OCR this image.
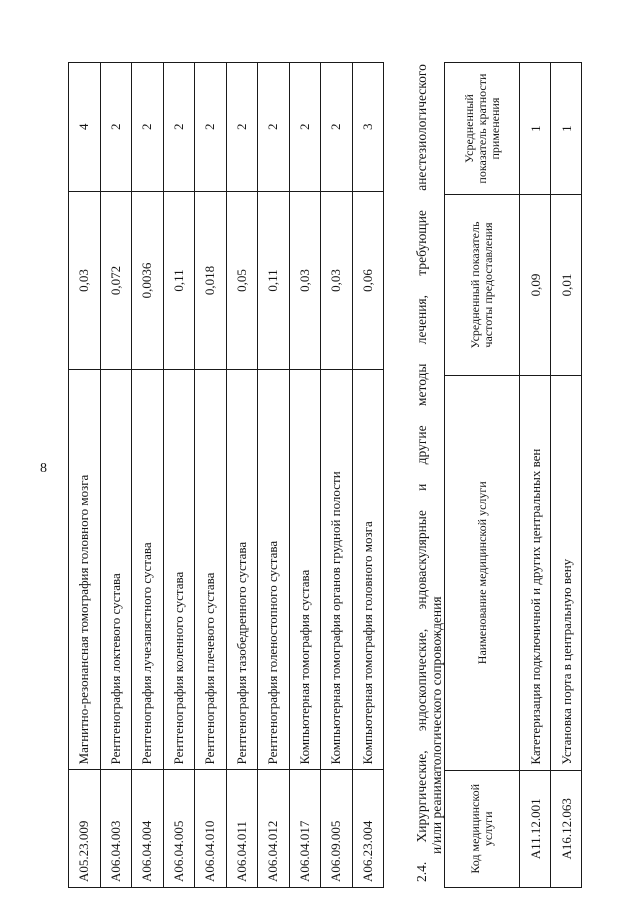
8
A05.23.009	Магнитно-резонансная томография головного мозга	0,03	4
A06.04.003	Рентгенография локтевого сустава	0,072	2
A06.04.004	Рентгенография лучезапястного сустава	0,0036	2
A06.04.005	Рентгенография коленного сустава	0,11	2
A06.04.010	Рентгенография плечевого сустава	0,018	2
A06.04.011	Рентгенография тазобедренного сустава	0,05	2
A06.04.012	Рентгенография голеностопного сустава	0,11	2
A06.04.017	Компьютерная томография сустава	0,03	2
A06.09.005	Компьютерная томография органов грудной полости	0,03	2
A06.23.004	Компьютерная томография головного мозга	0,06	3
2.4.
Хирургические,
эндоскопические,
эндоваскулярные
и
другие
методы
лечения,
требующие
анестезиологического
и/или реаниматологического сопровождения Код медицинской услуги	Наименование медицинской услуги	Усредненный показатель частоты предоставления	Усредненный показатель кратности применения
A11.12.001	Катетеризация подключичной и других центральных вен	0,09	1
A16.12.063	Установка порта в центральную вену	0,01	1
